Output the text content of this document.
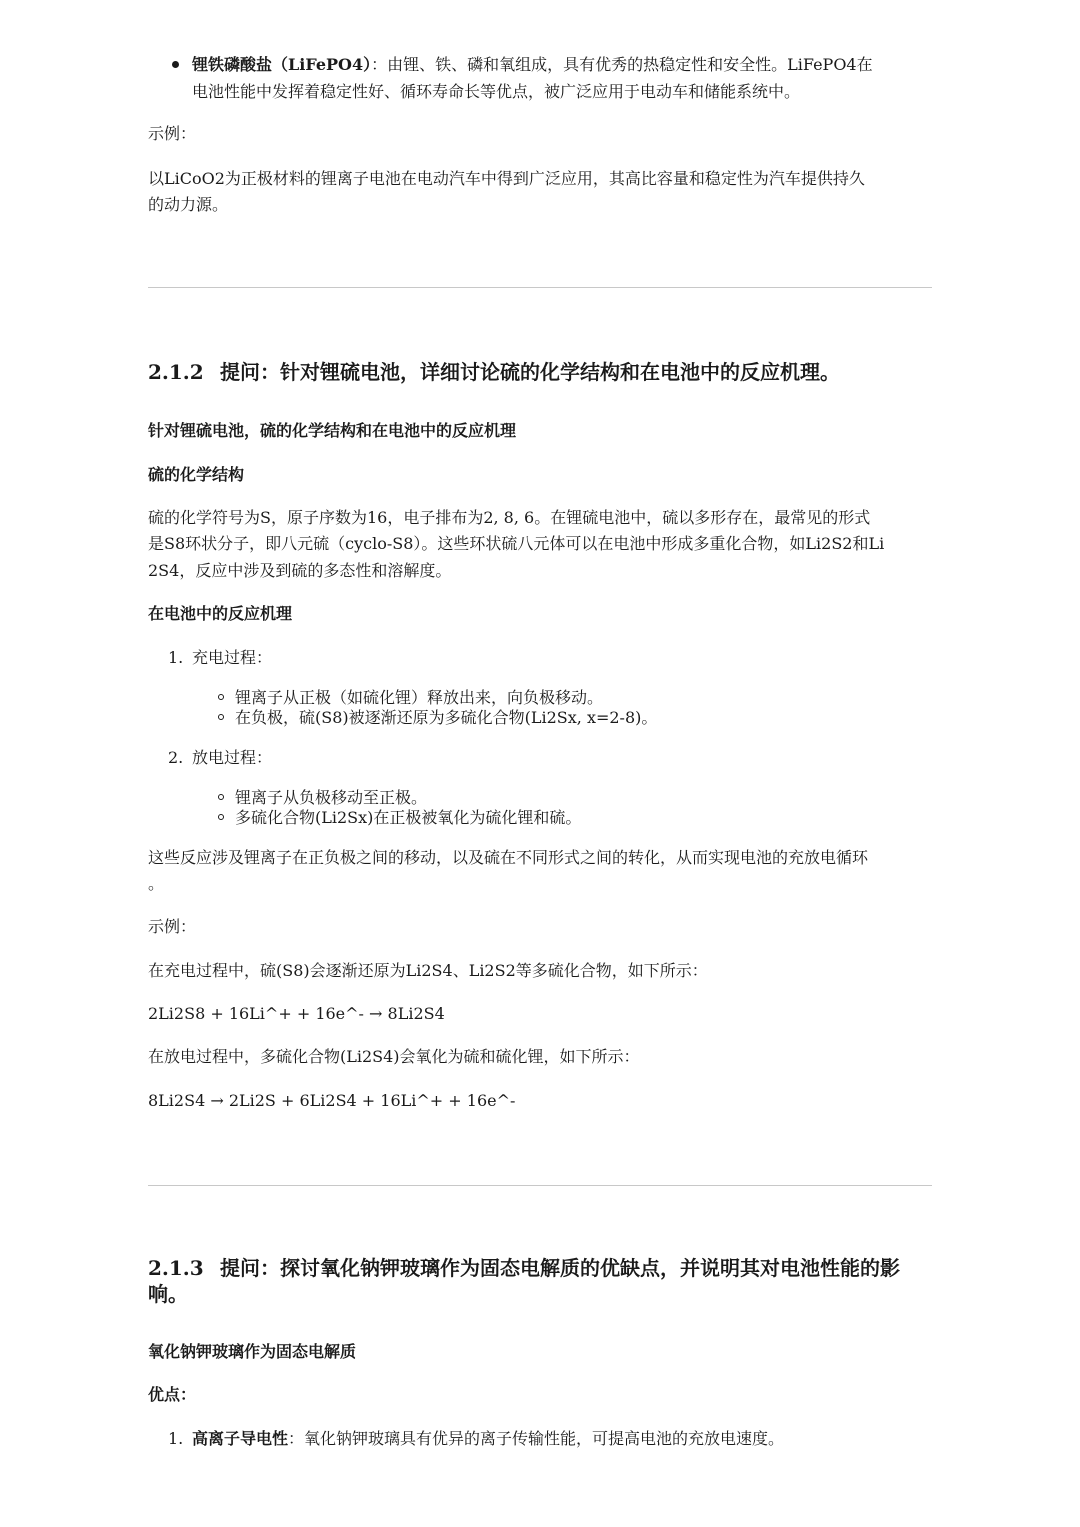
锂铁磷酸盐（LiFePO4）：由锂、铁、磷和氧组成，具有优秀的热稳定性和安全性。LiFePO4在
电池性能中发挥着稳定性好、循环寿命长等优点，被广泛应用于电动车和储能系统中。
示例：
以LiCoO2为正极材料的锂离子电池在电动汽车中得到广泛应用，其高比容量和稳定性为汽车提供持久
的动力源。
2.1.2 提问：针对锂硫电池，详细讨论硫的化学结构和在电池中的反应机理。
针对锂硫电池，硫的化学结构和在电池中的反应机理
硫的化学结构
硫的化学符号为S，原子序数为16，电子排布为2, 8, 6。在锂硫电池中，硫以多形存在，最常见的形式
是S8环状分子，即八元硫（cyclo-S8）。这些环状硫八元体可以在电池中形成多重化合物，如Li2S2和Li
2S4，反应中涉及到硫的多态性和溶解度。
在电池中的反应机理
1. 充电过程：
锂离子从正极（如硫化锂）释放出来，向负极移动。
在负极，硫(S8)被逐渐还原为多硫化合物(Li2Sx, x=2-8)。
2. 放电过程：
锂离子从负极移动至正极。
多硫化合物(Li2Sx)在正极被氧化为硫化锂和硫。
这些反应涉及锂离子在正负极之间的移动，以及硫在不同形式之间的转化，从而实现电池的充放电循环
。
示例：
在充电过程中，硫(S8)会逐渐还原为Li2S4、Li2S2等多硫化合物，如下所示：
2Li2S8 + 16Li^+ + 16e^- → 8Li2S4
在放电过程中，多硫化合物(Li2S4)会氧化为硫和硫化锂，如下所示：
8Li2S4 → 2Li2S + 6Li2S4 + 16Li^+ + 16e^-
2.1.3 提问：探讨氧化钠钾玻璃作为固态电解质的优缺点，并说明其对电池性能的影
响。
氧化钠钾玻璃作为固态电解质
优点：
1. 高离子导电性：氧化钠钾玻璃具有优异的离子传输性能，可提高电池的充放电速度。
